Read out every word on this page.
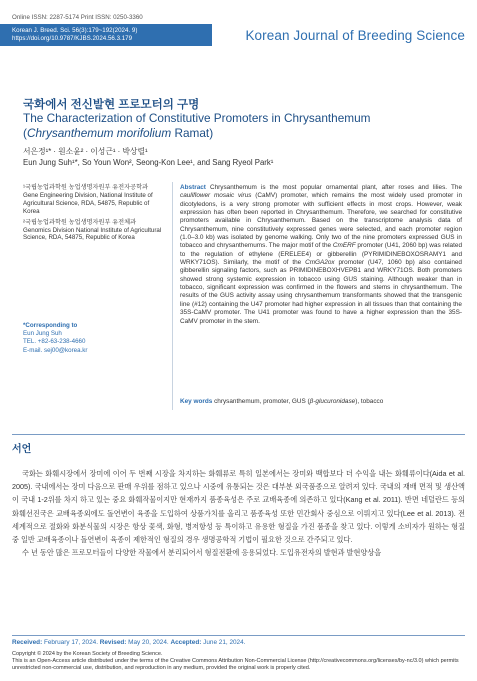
Online ISSN: 2287-5174 Print ISSN: 0250-3360
Korean J. Breed. Sci. 56(3):179~192(2024. 9)
https://doi.org/10.9787/KJBS.2024.56.3.179	Korean Journal of Breeding Science
국화에서 전신발현 프로모터의 구명
The Characterization of Constitutive Promoters in Chrysanthemum (Chrysanthemum morifolium Ramat)
서은정¹* · 원소윤² · 이성근¹ · 박상렬¹
Eun Jung Suh¹*, So Youn Won², Seong-Kon Lee¹, and Sang Ryeol Park¹

¹국립농업과학원 농업생명자원부 유전자공학과 Gene Engineering Division, National Institute of Agricultural Science, RDA, 54875, Republic of Korea

²국립농업과학원 농업생명자원부 유전체과 Genomics Division National Institute of Agricultural Science, RDA, 54875, Republic of Korea

*Corresponding to
Eun Jung Suh
TEL. +82-63-238-4660
E-mail. sej00@korea.kr
Abstract Chrysanthemum is the most popular ornamental plant, after roses and lilies. The cauliflower mosaic virus (CaMV) promoter, which remains the most widely used promoter in dicotyledons, is a very strong promoter with sufficient effects in most crops. However, weak expression has often been reported in Chrysanthemum. Therefore, we searched for constitutive promoters available in Chrysanthemum. Based on the transcriptome analysis data of Chrysanthemum, nine constitutively expressed genes were selected, and each promoter region (1.0–3.0 kb) was isolated by genome walking. Only two of the nine promoters expressed GUS in tobacco and chrysanthemums. The major motif of the CmERF promoter (U41, 2060 bp) was related to the regulation of ethylene (ERELEE4) or gibberellin (PYRIMIDINEBOXOSRAMY1 and WRKY71OS). Similarly, the motif of the CmGA2ox promoter (U47, 1060 bp) also contained gibberellin signaling factors, such as PRIMIDINEBOXHVEPB1 and WRKY71OS. Both promoters showed strong systemic expression in tobacco using GUS staining. Although weaker than in tobacco, significant expression was confirmed in the flowers and stems in chrysanthemum. The results of the GUS activity assay using chrysanthemum transformants showed that the transgenic line (#12) containing the U47 promoter had higher expression in all tissues than that containing the 35S-CaMV promoter. The U41 promoter was found to have a higher expression than the 35S-CaMV promoter in the stem.
Key words chrysanthemum, promoter, GUS (β-glucuronidase), tobacco
서언

국화는 화훼시장에서 장미에 이어 두 번째 시장을 차지하는 화훼류로 특히 일본에서는 장미와 백합보다 더 수익을 내는 화훼류이다(Aida et al. 2005). 국내에서는 장미 다음으로 판매 우위를 점하고 있으나 시중에 유통되는 것은 대부분 외국품종으로 알려져 있다. 국내의 재배 면적 및 생산액이 국내 1-2위를 차지 하고 있는 중요 화훼작물이지만 현재까지 품종육성은 주로 교배육종에 의존하고 있다(Kang et al. 2011). 반면 네덜란드 등의 화훼선진국은 교배육종외에도 돌연변이 육종을 도입하여 상품가치를 올리고 품종육성 또한 민간회사 중심으로 이뤄지고 있다(Lee et al. 2013). 전세계적으로 절화와 화분식물의 시장은 항상 꽃색, 화형, 병저항성 등 특이하고 유용한 형질을 가진 품종을 찾고 있다. 이렇게 소비자가 원하는 형질중 일반 교배육종이나 돌연변이 육종이 제한적인 형질의 경우 생명공학적 기법이 필요한 것으로 간주되고 있다.

수 년 동안 많은 프로모터들이 다양한 작물에서 분리되어서 형질전환에 응용되었다. 도입유전자의 발현과 발현양상을

Received: February 17, 2024. Revised: May 20, 2024. Accepted: June 21, 2024.
Copyright © 2024 by the Korean Society of Breeding Science.
This is an Open-Access article distributed under the terms of the Creative Commons Attribution Non-Commercial License (http://creativecommons.org/licenses/by-nc/3.0) which permits unrestricted non-commercial use, distribution, and reproduction in any medium, provided the original work is properly cited.
